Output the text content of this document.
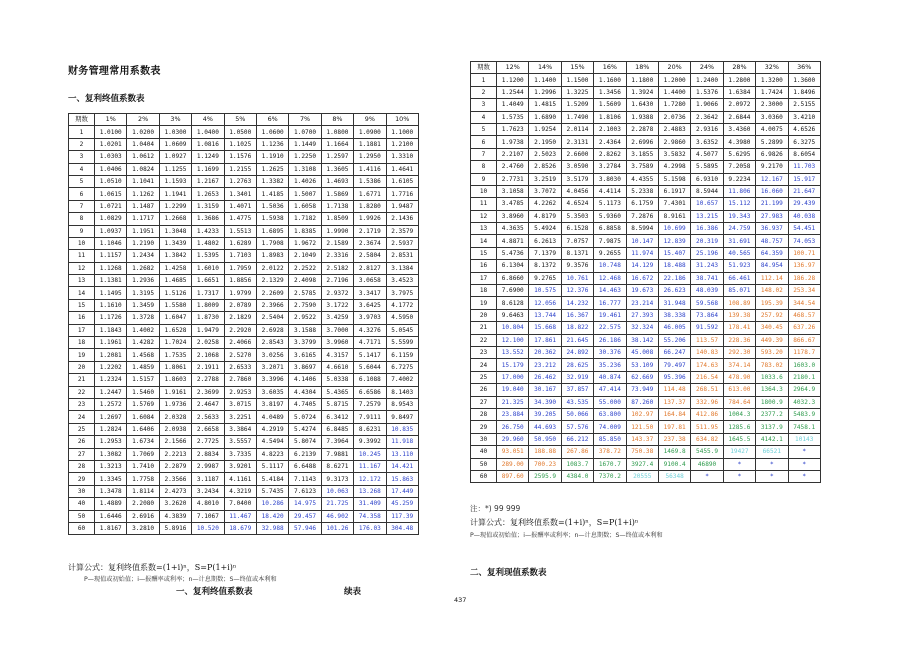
财务管理常用系数表
一、复利终值系数表
期数	1%	2%	3%	4%	5%	6%	7%	8%	9%	10%
1	1.0100	1.0200	1.0300	1.0400	1.0500	1.0600	1.0700	1.0800	1.0900	1.1000
2	1.0201	1.0404	1.0609	1.0816	1.1025	1.1236	1.1449	1.1664	1.1881	1.2100
3	1.0303	1.0612	1.0927	1.1249	1.1576	1.1910	1.2250	1.2597	1.2950	1.3310
4	1.0406	1.0824	1.1255	1.1699	1.2155	1.2625	1.3108	1.3605	1.4116	1.4641
5	1.0510	1.1041	1.1593	1.2167	1.2763	1.3382	1.4026	1.4693	1.5386	1.6105
6	1.0615	1.1262	1.1941	1.2653	1.3401	1.4185	1.5007	1.5869	1.6771	1.7716
7	1.0721	1.1487	1.2299	1.3159	1.4071	1.5036	1.6058	1.7138	1.8280	1.9487
8	1.0829	1.1717	1.2668	1.3686	1.4775	1.5938	1.7182	1.8509	1.9926	2.1436
9	1.0937	1.1951	1.3048	1.4233	1.5513	1.6895	1.8385	1.9990	2.1719	2.3579
10	1.1046	1.2190	1.3439	1.4802	1.6289	1.7908	1.9672	2.1589	2.3674	2.5937
11	1.1157	1.2434	1.3842	1.5395	1.7103	1.8983	2.1049	2.3316	2.5804	2.8531
12	1.1268	1.2682	1.4258	1.6010	1.7959	2.0122	2.2522	2.5182	2.8127	3.1384
13	1.1381	1.2936	1.4685	1.6651	1.8856	2.1329	2.4098	2.7196	3.0658	3.4523
14	1.1495	1.3195	1.5126	1.7317	1.9799	2.2609	2.5785	2.9372	3.3417	3.7975
15	1.1610	1.3459	1.5580	1.8009	2.0789	2.3966	2.7590	3.1722	3.6425	4.1772
16	1.1726	1.3728	1.6047	1.8730	2.1829	2.5404	2.9522	3.4259	3.9703	4.5950
17	1.1843	1.4002	1.6528	1.9479	2.2920	2.6928	3.1588	3.7000	4.3276	5.0545
18	1.1961	1.4282	1.7024	2.0258	2.4066	2.8543	3.3799	3.9960	4.7171	5.5599
19	1.2081	1.4568	1.7535	2.1068	2.5270	3.0256	3.6165	4.3157	5.1417	6.1159
20	1.2202	1.4859	1.8061	2.1911	2.6533	3.2071	3.8697	4.6610	5.6044	6.7275
21	1.2324	1.5157	1.8603	2.2788	2.7860	3.3996	4.1406	5.0338	6.1088	7.4002
22	1.2447	1.5460	1.9161	2.3699	2.9253	3.6035	4.4304	5.4365	6.6586	8.1403
23	1.2572	1.5769	1.9736	2.4647	3.0715	3.8197	4.7405	5.8715	7.2579	8.9543
24	1.2697	1.6084	2.0328	2.5633	3.2251	4.0489	5.0724	6.3412	7.9111	9.8497
25	1.2824	1.6406	2.0938	2.6658	3.3864	4.2919	5.4274	6.8485	8.6231	10.835
26	1.2953	1.6734	2.1566	2.7725	3.5557	4.5494	5.8074	7.3964	9.3992	11.918
27	1.3082	1.7069	2.2213	2.8834	3.7335	4.8223	6.2139	7.9881	10.245	13.110
28	1.3213	1.7410	2.2879	2.9987	3.9201	5.1117	6.6488	8.6271	11.167	14.421
29	1.3345	1.7758	2.3566	3.1187	4.1161	5.4184	7.1143	9.3173	12.172	15.863
30	1.3478	1.8114	2.4273	3.2434	4.3219	5.7435	7.6123	10.063	13.268	17.449
40	1.4889	2.2080	3.2620	4.8010	7.0400	10.286	14.975	21.725	31.409	45.259
50	1.6446	2.6916	4.3839	7.1067	11.467	18.420	29.457	46.902	74.358	117.39
60	1.8167	3.2810	5.8916	10.520	18.679	32.988	57.946	101.26	176.03	304.48
计算公式：复利终值系数=(1+i)ⁿ，S=P(1+i)ⁿ
P—现值或初始值；i—报酬率或利率；n—计息期数；S—终值或本利和
一、复利终值系数表	续表
期数	12%	14%	15%	16%	18%	20%	24%	28%	32%	36%
1	1.1200	1.1400	1.1500	1.1600	1.1800	1.2000	1.2400	1.2800	1.3200	1.3600
2	1.2544	1.2996	1.3225	1.3456	1.3924	1.4400	1.5376	1.6384	1.7424	1.8496
3	1.4049	1.4815	1.5209	1.5609	1.6430	1.7280	1.9066	2.0972	2.3000	2.5155
4	1.5735	1.6890	1.7490	1.8106	1.9388	2.0736	2.3642	2.6844	3.0360	3.4210
5	1.7623	1.9254	2.0114	2.1003	2.2878	2.4883	2.9316	3.4360	4.0075	4.6526
6	1.9738	2.1950	2.3131	2.4364	2.6996	2.9860	3.6352	4.3980	5.2899	6.3275
7	2.2107	2.5023	2.6600	2.8262	3.1855	3.5832	4.5077	5.6295	6.9826	8.6054
8	2.4760	2.8526	3.0590	3.2784	3.7589	4.2998	5.5895	7.2058	9.2170	11.703
9	2.7731	3.2519	3.5179	3.8030	4.4355	5.1598	6.9310	9.2234	12.167	15.917
10	3.1058	3.7072	4.0456	4.4114	5.2338	6.1917	8.5944	11.806	16.060	21.647
11	3.4785	4.2262	4.6524	5.1173	6.1759	7.4301	10.657	15.112	21.199	29.439
12	3.8960	4.8179	5.3503	5.9360	7.2876	8.9161	13.215	19.343	27.983	40.038
13	4.3635	5.4924	6.1528	6.8858	8.5994	10.699	16.386	24.759	36.937	54.451
14	4.8871	6.2613	7.0757	7.9875	10.147	12.839	20.319	31.691	48.757	74.053
15	5.4736	7.1379	8.1371	9.2655	11.974	15.407	25.196	40.565	64.359	100.71
16	6.1304	8.1372	9.3576	10.748	14.129	18.488	31.243	51.923	84.954	136.97
17	6.8660	9.2765	10.761	12.468	16.672	22.186	38.741	66.461	112.14	186.28
18	7.6900	10.575	12.376	14.463	19.673	26.623	48.039	85.071	148.02	253.34
19	8.6128	12.056	14.232	16.777	23.214	31.948	59.568	108.89	195.39	344.54
20	9.6463	13.744	16.367	19.461	27.393	38.338	73.864	139.38	257.92	468.57
21	10.804	15.668	18.822	22.575	32.324	46.005	91.592	178.41	340.45	637.26
22	12.100	17.861	21.645	26.186	38.142	55.206	113.57	228.36	449.39	866.67
23	13.552	20.362	24.892	30.376	45.008	66.247	140.83	292.30	593.20	1178.7
24	15.179	23.212	28.625	35.236	53.109	79.497	174.63	374.14	783.02	1603.0
25	17.000	26.462	32.919	40.874	62.669	95.396	216.54	478.90	1033.6	2180.1
26	19.040	30.167	37.857	47.414	73.949	114.48	268.51	613.00	1364.3	2964.9
27	21.325	34.390	43.535	55.000	87.260	137.37	332.96	784.64	1800.9	4032.3
28	23.884	39.205	50.066	63.800	102.97	164.84	412.86	1004.3	2377.2	5483.9
29	26.750	44.693	57.576	74.009	121.50	197.81	511.95	1285.6	3137.9	7458.1
30	29.960	50.950	66.212	85.850	143.37	237.38	634.82	1645.5	4142.1	10143
40	93.051	188.88	267.86	378.72	750.38	1469.8	5455.9	19427	66521	*
50	289.00	700.23	1083.7	1670.7	3927.4	9100.4	46890	*	*	*
60	897.60	2595.9	4384.0	7370.2	20555	56348	*	*	*	*
注：*) 99 999
计算公式：复利终值系数=(1+i)ⁿ，S=P(1+i)ⁿ
P—现值或初始值；i—报酬率或利率；n—计息期数；S—终值或本利和
二、复利现值系数表
437
